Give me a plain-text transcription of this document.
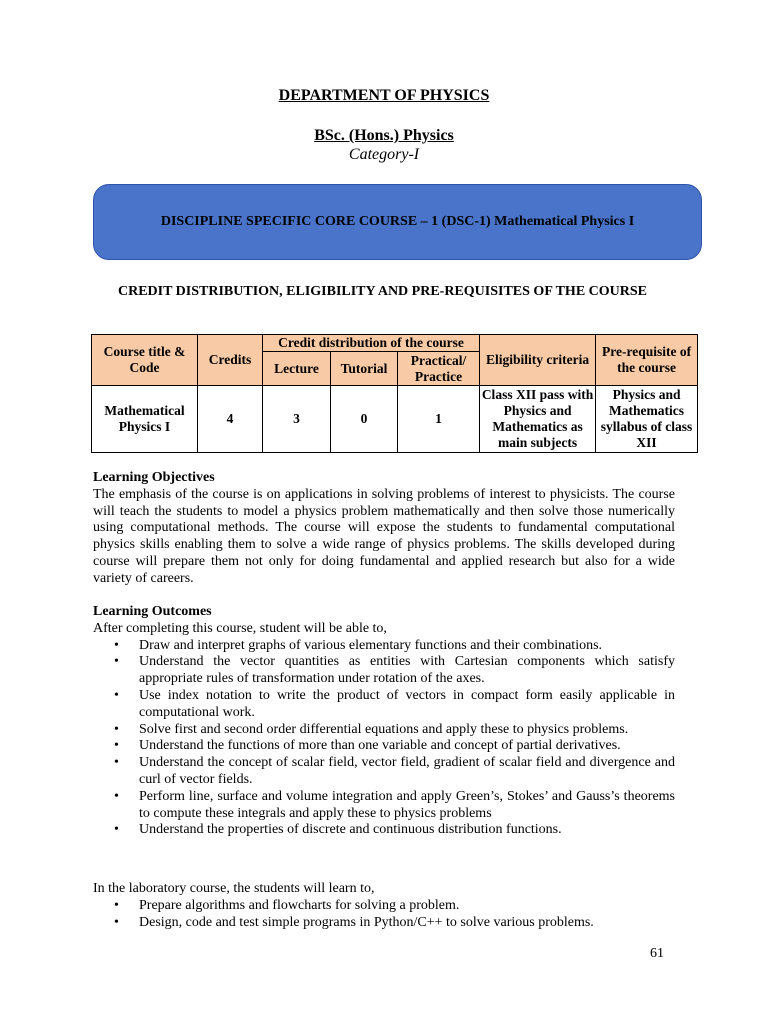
DEPARTMENT OF PHYSICS
BSc. (Hons.) Physics
Category-I
DISCIPLINE SPECIFIC CORE COURSE – 1 (DSC-1) Mathematical Physics I
CREDIT DISTRIBUTION, ELIGIBILITY AND PRE-REQUISITES OF THE COURSE
Course title & Code	Credits	Credit distribution of the course			Eligibility criteria	Pre-requisite of the course
		Lecture	Tutorial	Practical/ Practice		
Mathematical Physics I	4	3	0	1	Class XII pass with Physics and Mathematics as main subjects	Physics and Mathematics syllabus of class XII
Learning Objectives
The emphasis of the course is on applications in solving problems of interest to physicists. The course will teach the students to model a physics problem mathematically and then solve those numerically using computational methods. The course will expose the students to fundamental computational physics skills enabling them to solve a wide range of physics problems. The skills developed during course will prepare them not only for doing fundamental and applied research but also for a wide variety of careers.
Learning Outcomes
After completing this course, student will be able to,
• Draw and interpret graphs of various elementary functions and their combinations.
• Understand the vector quantities as entities with Cartesian components which satisfy appropriate rules of transformation under rotation of the axes.
• Use index notation to write the product of vectors in compact form easily applicable in computational work.
• Solve first and second order differential equations and apply these to physics problems.
• Understand the functions of more than one variable and concept of partial derivatives.
• Understand the concept of scalar field, vector field, gradient of scalar field and divergence and curl of vector fields.
• Perform line, surface and volume integration and apply Green’s, Stokes’ and Gauss’s theorems to compute these integrals and apply these to physics problems
• Understand the properties of discrete and continuous distribution functions.
In the laboratory course, the students will learn to,
• Prepare algorithms and flowcharts for solving a problem.
• Design, code and test simple programs in Python/C++ to solve various problems.
61
